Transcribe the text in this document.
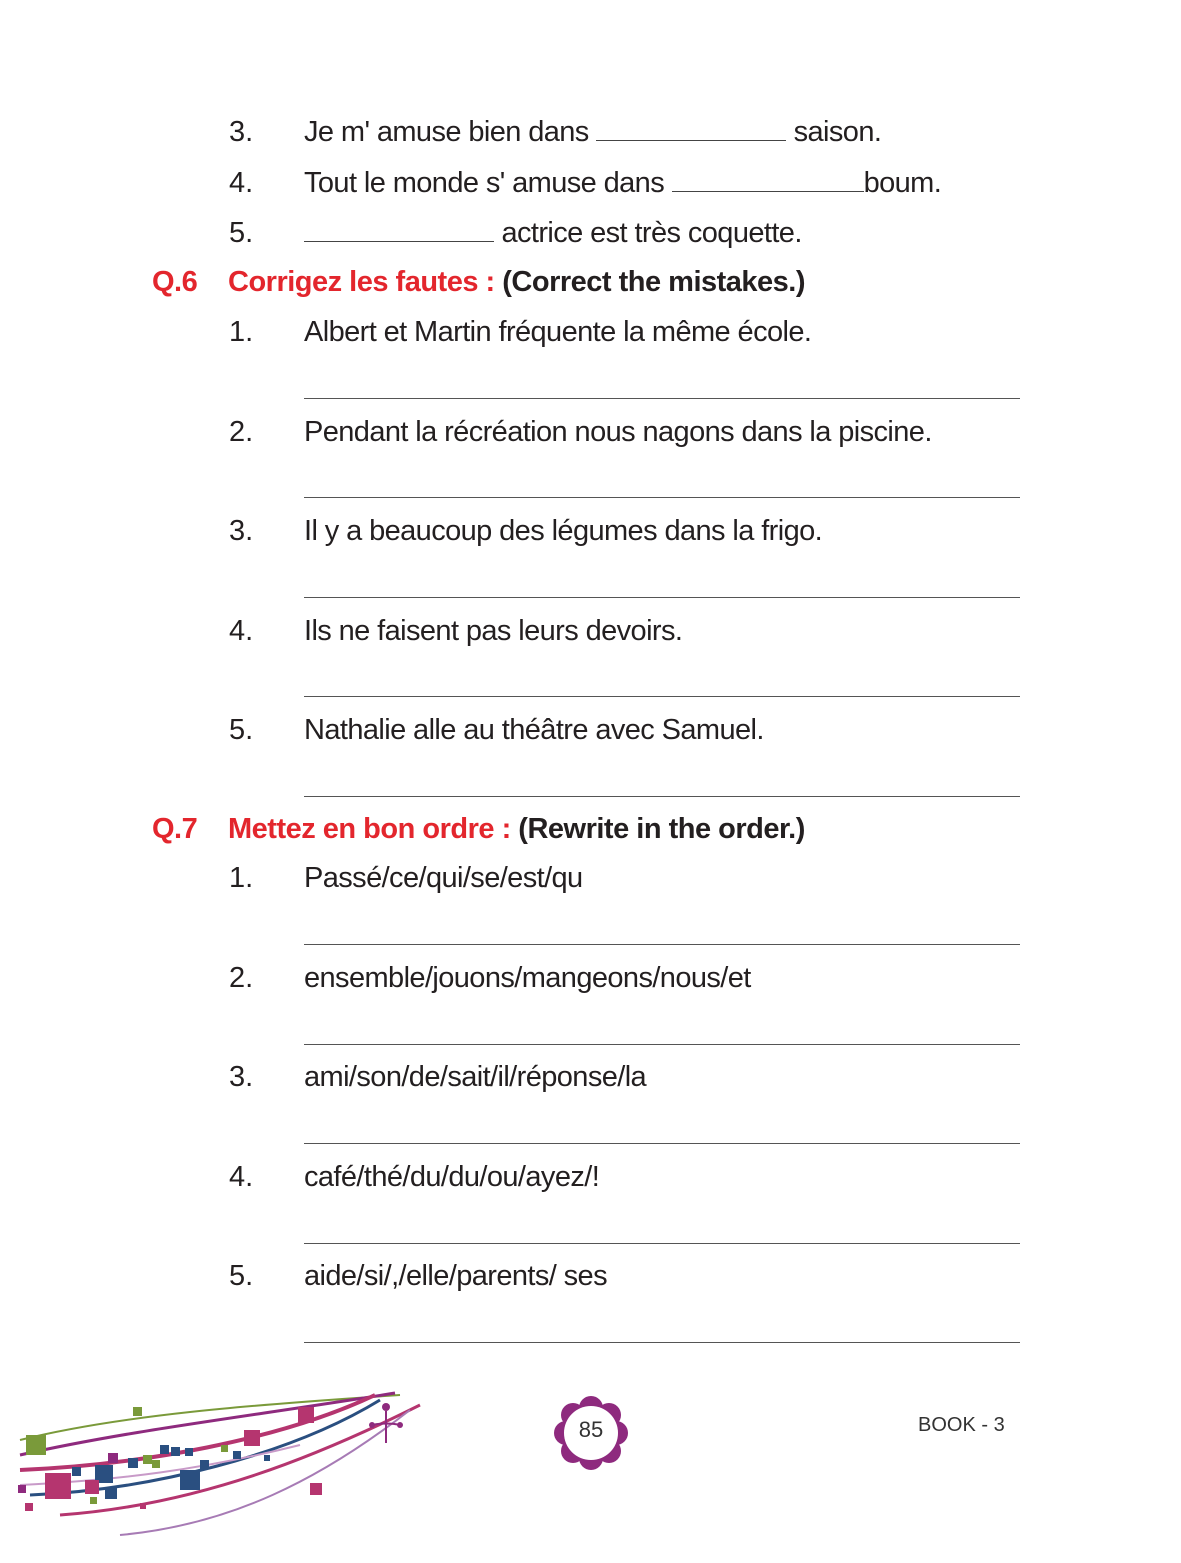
3. Je m' amuse bien dans	saison.
4. Tout le monde s' amuse dans	boum.
5.	actrice est très coquette.
Q.6 Corrigez les fautes : (Correct the mistakes.)
1. Albert et Martin fréquente la même école.
2. Pendant la récréation nous nagons dans la piscine.
3. Il y a beaucoup des légumes dans la frigo.
4. Ils ne faisent pas leurs devoirs.
5. Nathalie alle au théâtre avec Samuel.
Q.7 Mettez en bon ordre : (Rewrite in the order.)
1. Passé/ce/qui/se/est/qu
2. ensemble/jouons/mangeons/nous/et
3. ami/son/de/sait/il/réponse/la
4. café/thé/du/du/ou/ayez/!
5. aide/si/,/elle/parents/ ses
85	BOOK - 3
